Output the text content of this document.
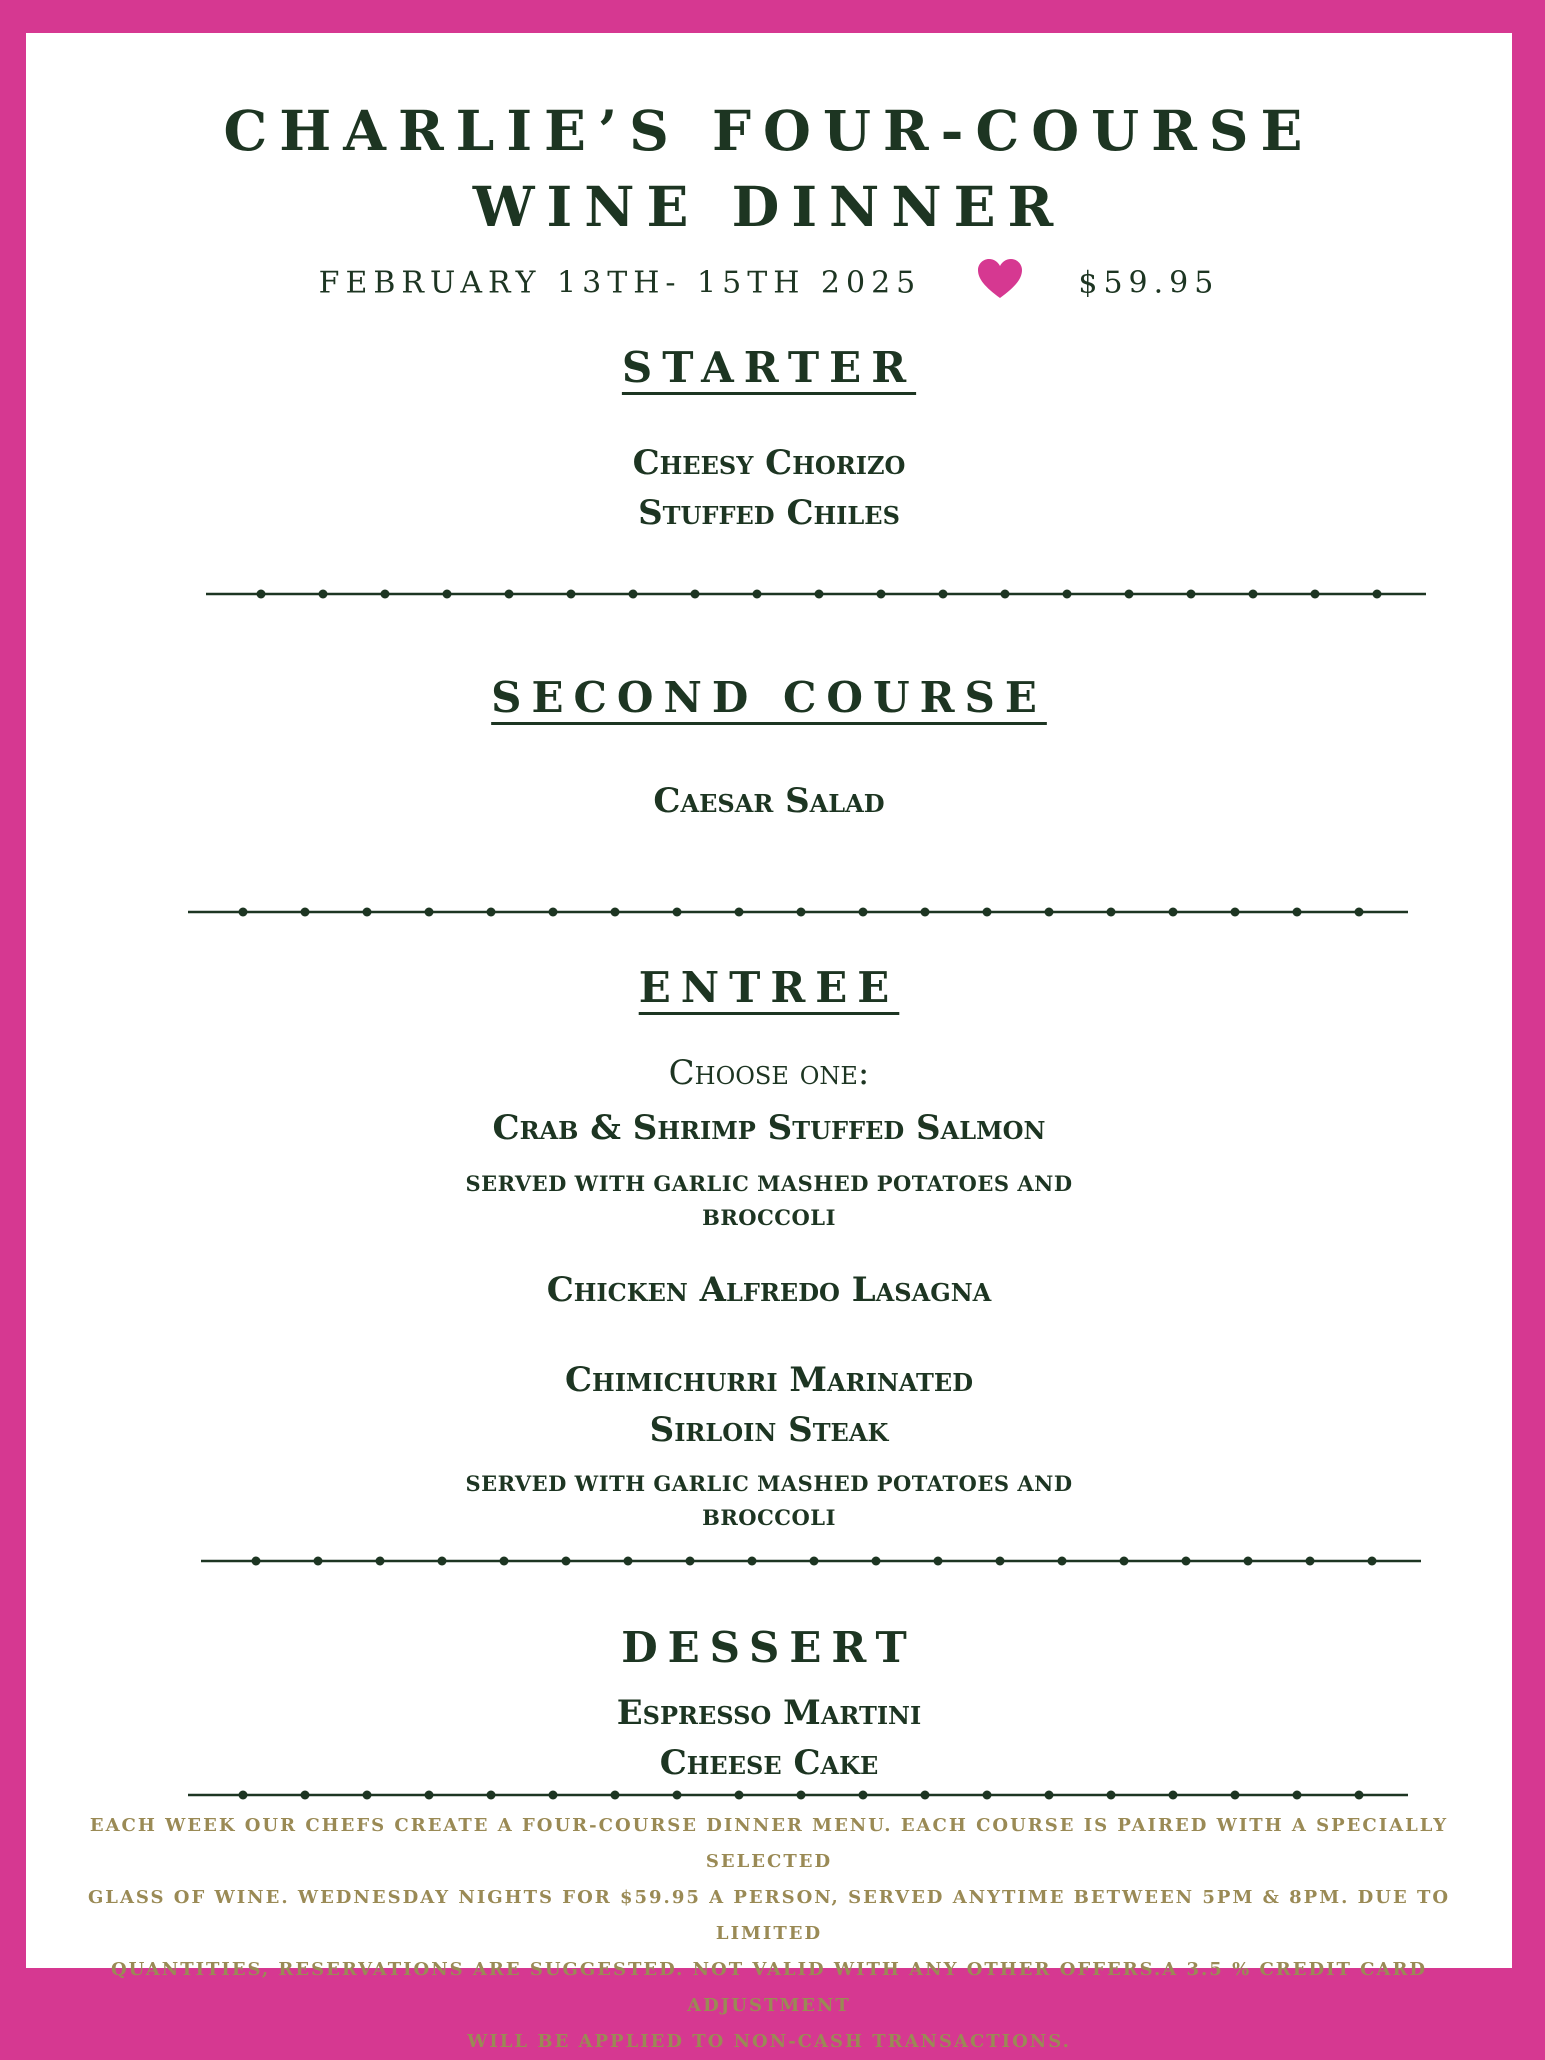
CHARLIE’S FOUR-COURSE
WINE DINNER
FEBRUARY 13TH- 15TH 2025	$59.95
STARTER
Cheesy Chorizo
Stuffed Chiles
SECOND COURSE
Caesar Salad
ENTREE
Choose one:
Crab & Shrimp Stuffed Salmon
SERVED WITH GARLIC MASHED POTATOES AND
BROCCOLI
Chicken Alfredo Lasagna
Chimichurri Marinated
Sirloin Steak
SERVED WITH GARLIC MASHED POTATOES AND
BROCCOLI
DESSERT
Espresso Martini
Cheese Cake
EACH WEEK OUR CHEFS CREATE A FOUR-COURSE DINNER MENU. EACH COURSE IS PAIRED WITH A SPECIALLY SELECTED
GLASS OF WINE. WEDNESDAY NIGHTS FOR $59.95 A PERSON, SERVED ANYTIME BETWEEN 5PM & 8PM. DUE TO LIMITED
QUANTITIES, RESERVATIONS ARE SUGGESTED. NOT VALID WITH ANY OTHER OFFERS.A 3.5 % CREDIT CARD ADJUSTMENT
WILL BE APPLIED TO NON-CASH TRANSACTIONS.
